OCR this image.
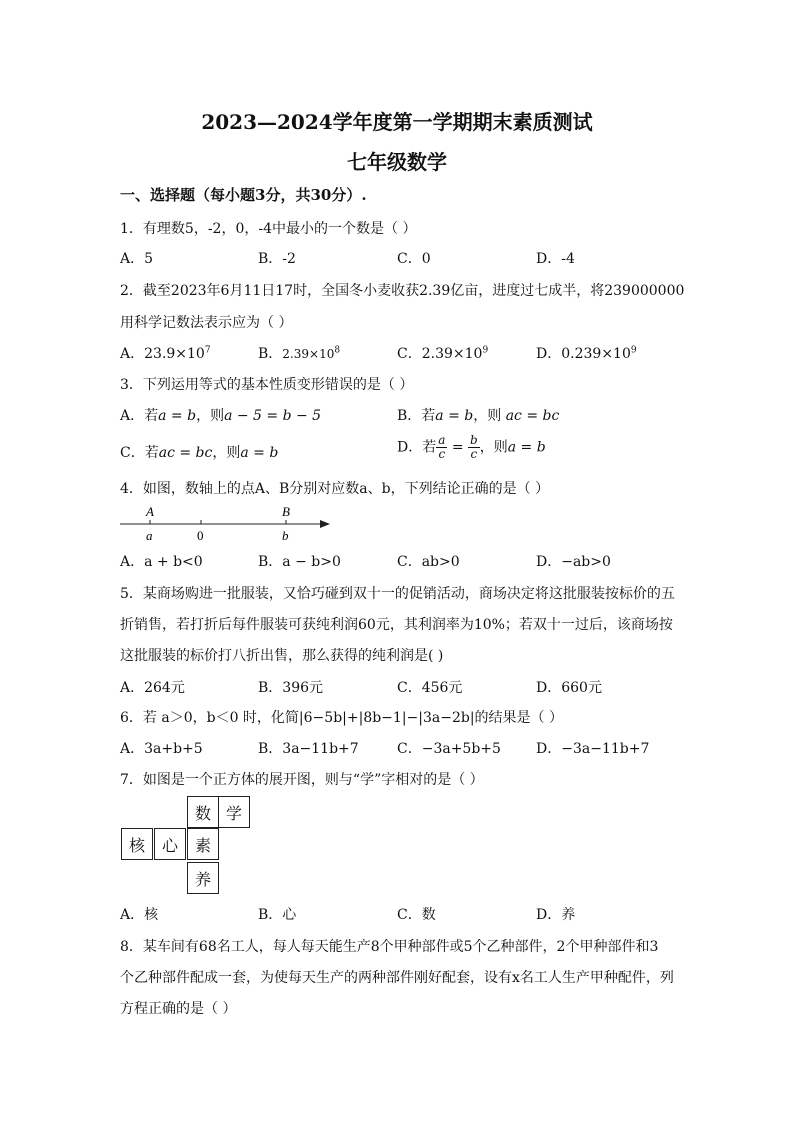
2023—2024学年度第一学期期末素质测试
七年级数学
一、选择题（每小题3分，共30分）.
1．有理数5，-2，0，-4中最小的一个数是（ ）
A．5	B．-2	C．0	D．-4
2．截至2023年6月11日17时，全国冬小麦收获2.39亿亩，进度过七成半，将239000000
用科学记数法表示应为（ ）
A．$23.9\times 10^7$	B．$2.39\times 10^8$	C．$2.39\times 10^9$	D．$0.239\times 10^9$
3．下列运用等式的基本性质变形错误的是（ ）
A．若a = b，则a − 5 = b − 5	B．若a = b，则 ac = bc
C．若ac = bc，则a = b	D．若 $\frac{a}{c} = \frac{b}{c}$ ，则a = b
4．如图，数轴上的点A、B分别对应数a、b，下列结论正确的是（ ）
A
a	0
B
b
A．a + b<0	B．a − b>0	C．ab>0	D．−ab>0
5．某商场购进一批服装，又恰巧碰到双十一的促销活动，商场决定将这批服装按标价的五
折销售，若打折后每件服装可获纯利润60元，其利润率为10%；若双十一过后，该商场按
这批服装的标价打八折出售，那么获得的纯利润是( )
A．264元	B．396元	C．456元	D．660元
6．若 a＞0，b＜0 时，化简|6−5b|+|8b−1|−|3a−2b|的结果是（ ）
A．3a+b+5	B．3a−11b+7	C．−3a+5b+5	D．−3a−11b+7
7．如图是一个正方体的展开图，则与“学”字相对的是（ ）
数 学
核	心	素
养
A．核	B．心	C．数	D．养
8．某车间有68名工人，每人每天能生产8个甲种部件或5个乙种部件，2个甲种部件和3
个乙种部件配成一套，为使每天生产的两种部件刚好配套，设有x名工人生产甲种配件，列
方程正确的是（ ）
